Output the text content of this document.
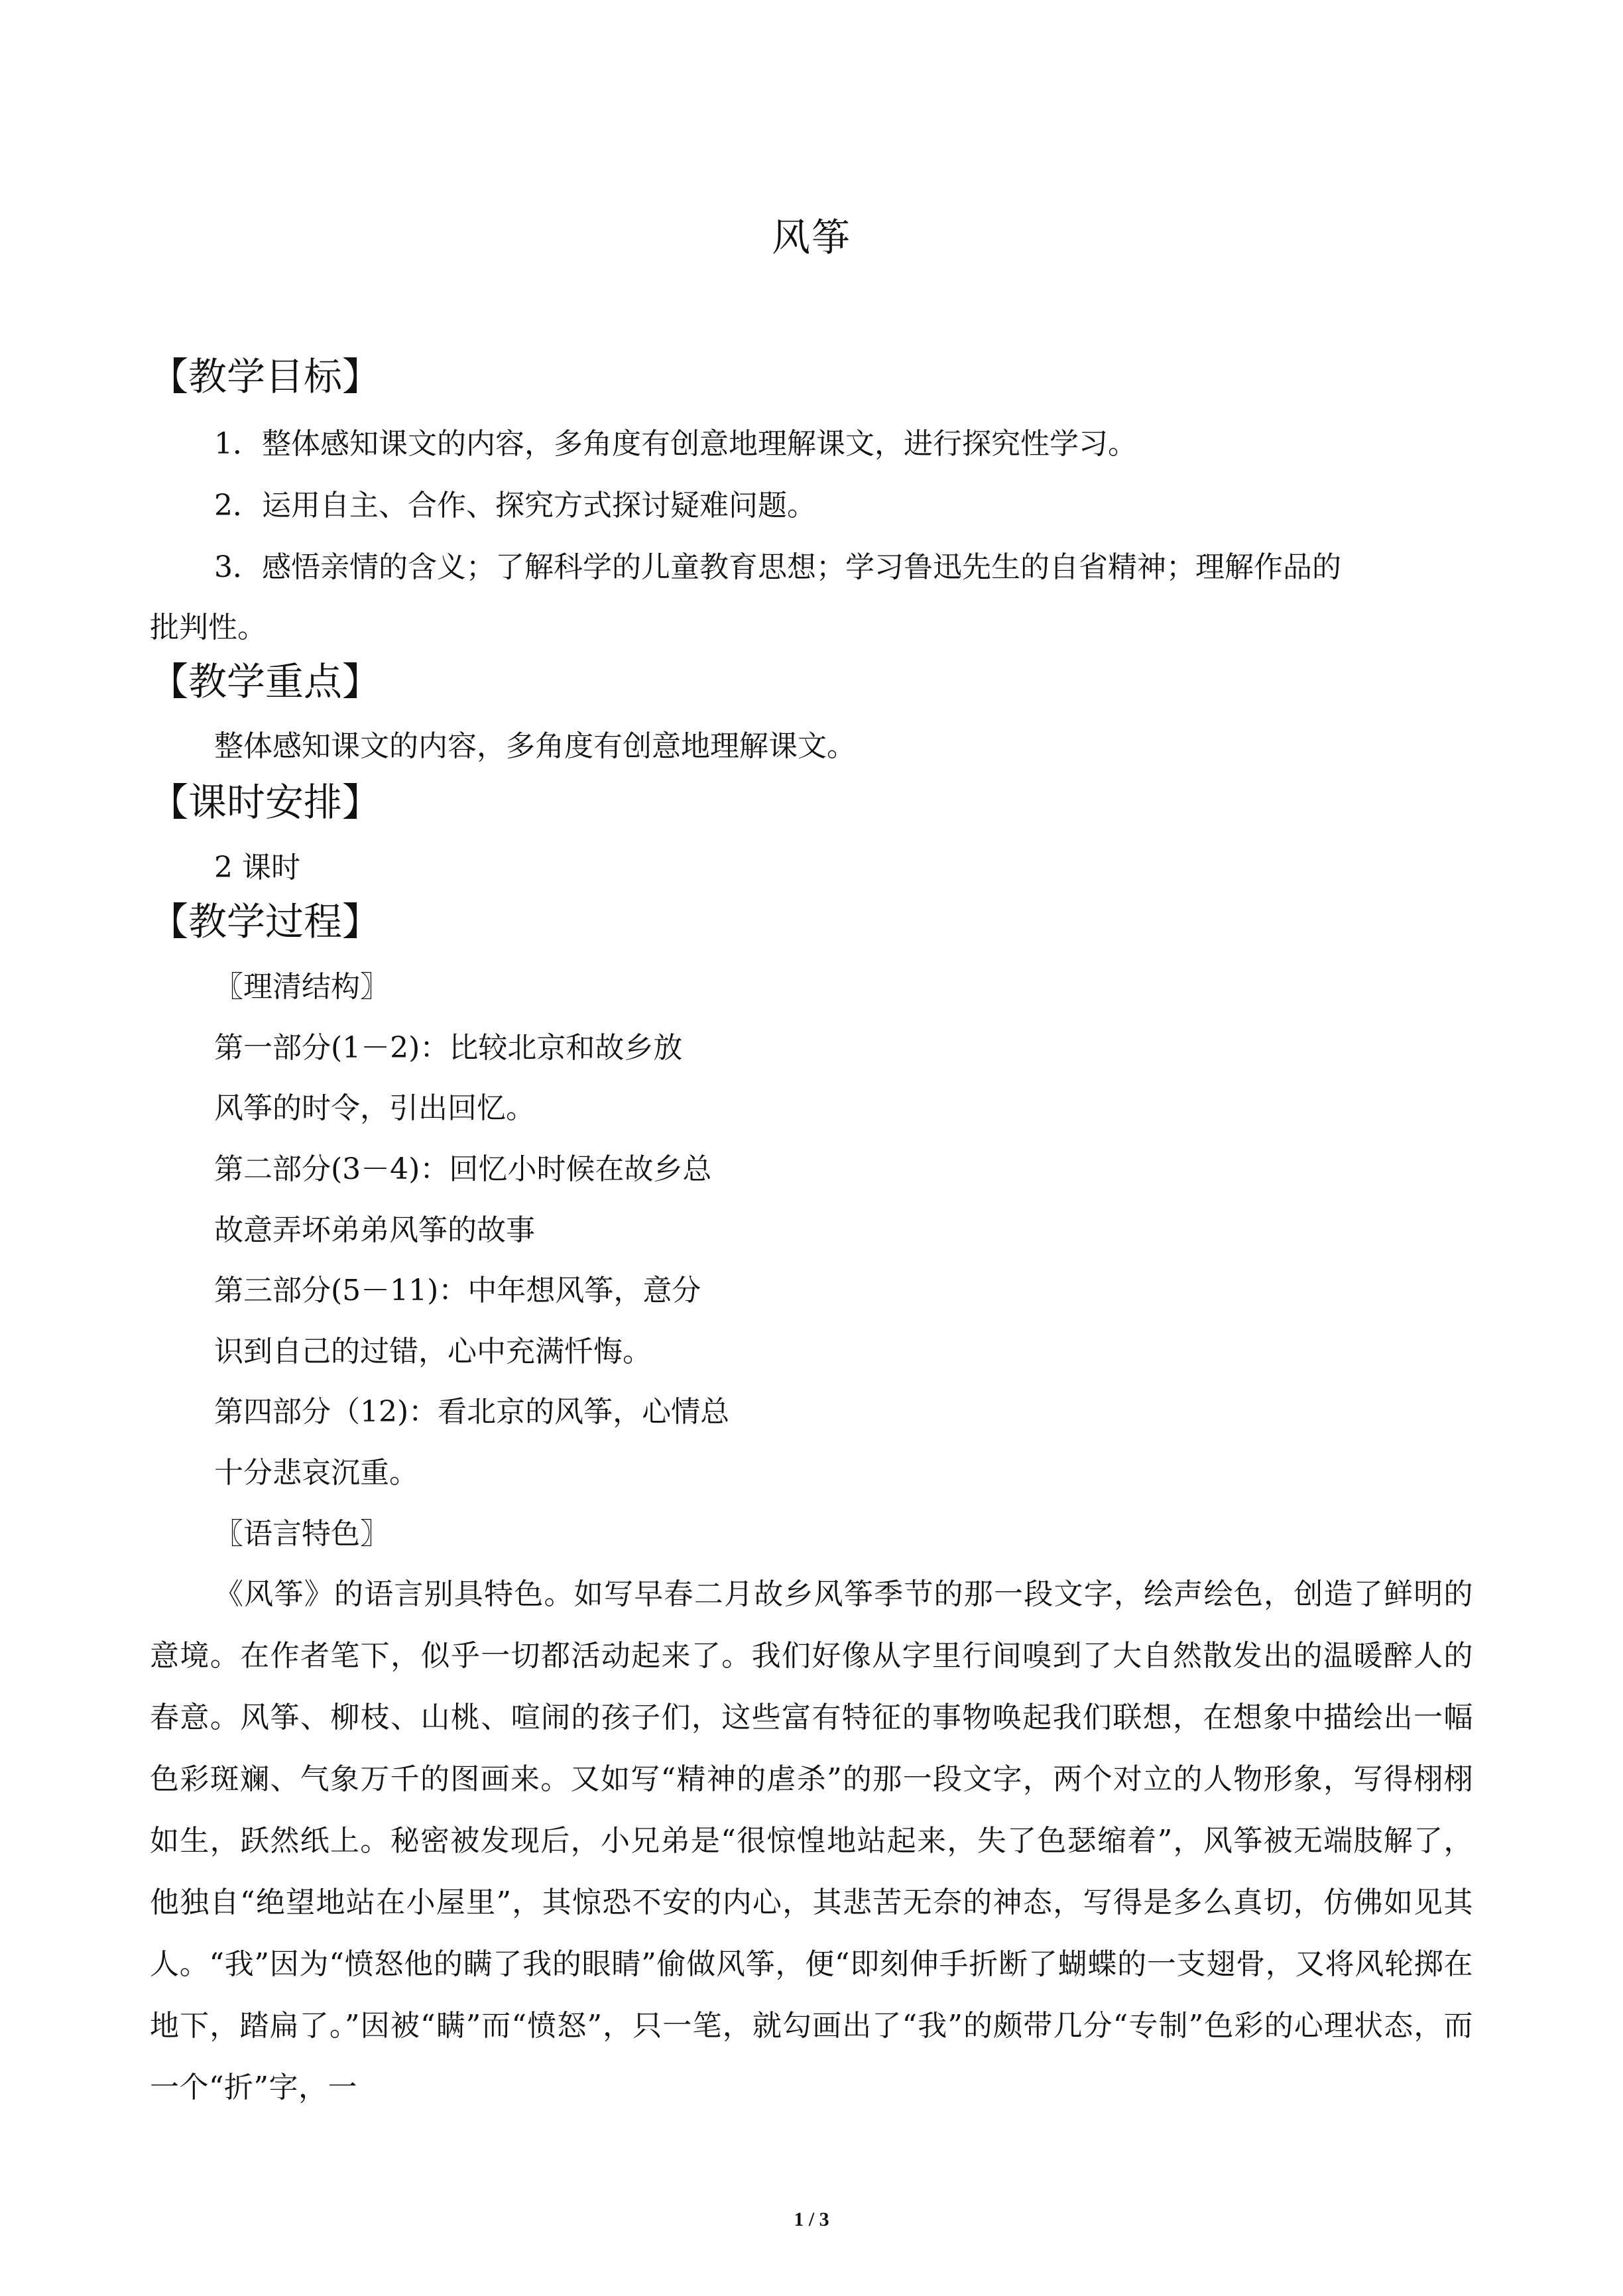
风筝
【教学目标】
1．整体感知课文的内容，多角度有创意地理解课文，进行探究性学习。
2．运用自主、合作、探究方式探讨疑难问题。
3．感悟亲情的含义；了解科学的儿童教育思想；学习鲁迅先生的自省精神；理解作品的
批判性。
【教学重点】
整体感知课文的内容，多角度有创意地理解课文。
【课时安排】
2 课时
【教学过程】
〖理清结构〗
第一部分(1－2)：比较北京和故乡放
风筝的时令，引出回忆。
第二部分(3－4)：回忆小时候在故乡总
故意弄坏弟弟风筝的故事
第三部分(5－11)：中年想风筝，意分
识到自己的过错，心中充满忏悔。
第四部分（12)：看北京的风筝，心情总
十分悲哀沉重。
〖语言特色〗
《风筝》的语言别具特色。如写早春二月故乡风筝季节的那一段文字，绘声绘色，创造了鲜明的意境。在作者笔下，似乎一切都活动起来了。我们好像从字里行间嗅到了大自然散发出的温暖醉人的春意。风筝、柳枝、山桃、喧闹的孩子们，这些富有特征的事物唤起我们联想，在想象中描绘出一幅色彩斑斓、气象万千的图画来。又如写“精神的虐杀”的那一段文字，两个对立的人物形象，写得栩栩如生，跃然纸上。秘密被发现后，小兄弟是“很惊惶地站起来，失了色瑟缩着”，风筝被无端肢解了，他独自“绝望地站在小屋里”，其惊恐不安的内心，其悲苦无奈的神态，写得是多么真切，仿佛如见其人。“我”因为“愤怒他的瞒了我的眼睛”偷做风筝，便“即刻伸手折断了蝴蝶的一支翅骨，又将风轮掷在地下，踏扁了。”因被“瞒”而“愤怒”，只一笔，就勾画出了“我”的颇带几分“专制”色彩的心理状态，而一个“折”字，一
1 / 3
